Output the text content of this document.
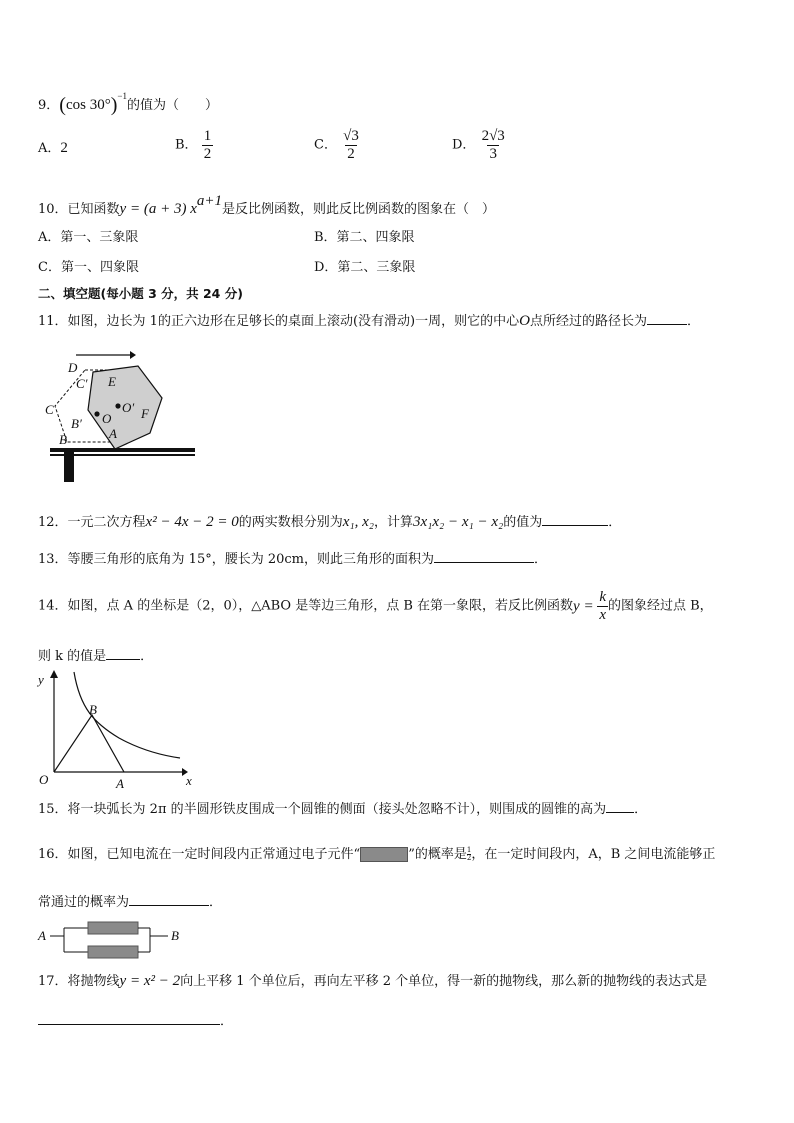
9．(cos 30°)$^{-1}$的值为（　　）
A．2	B． $\frac{1}{2}$	C． $\frac{√3}{2}$	D． $\frac{2√3}{3}$
10．已知函数y = (a + 3) $x^{a+1}$是反比例函数，则此反比例函数的图象在（　）
A．第一、三象限	B．第二、四象限
C．第一、四象限	D．第二、三象限
二、填空题(每小题 3 分，共 24 分)
11．如图，边长为 1的正六边形在足够长的桌面上滚动(没有滑动)一周，则它的中心O点所经过的路径长为	．
D
E
C′
C	O′
O F
B′
B	A
12．一元二次方程x² − 4x − 2 = 0的两实数根分别为x₁, x₂，计算3x₁x₂ − x₁ − x₂的值为	．
13．等腰三角形的底角为 15°，腰长为 20cm，则此三角形的面积为	．
14．如图，点 A 的坐标是（2，0），△ABO 是等边三角形，点 B 在第一象限，若反比例函数$y = \frac{k}{x}$ 的图象经过点 B，
则 k 的值是	．
y
x
O	A
B
15．将一块弧长为 2π 的半圆形铁皮围成一个圆锥的侧面（接头处忽略不计），则围成的圆锥的高为 ．
16．如图，已知电流在一定时间段内正常通过电子元件“	”的概率是 $\frac{1}{2}$ ，在一定时间段内，A，B 之间电流能够正
常通过的概率为	．
A	B
17．将抛物线y = x² − 2向上平移 1 个单位后，再向左平移 2 个单位，得一新的抛物线，那么新的抛物线的表达式是
．
